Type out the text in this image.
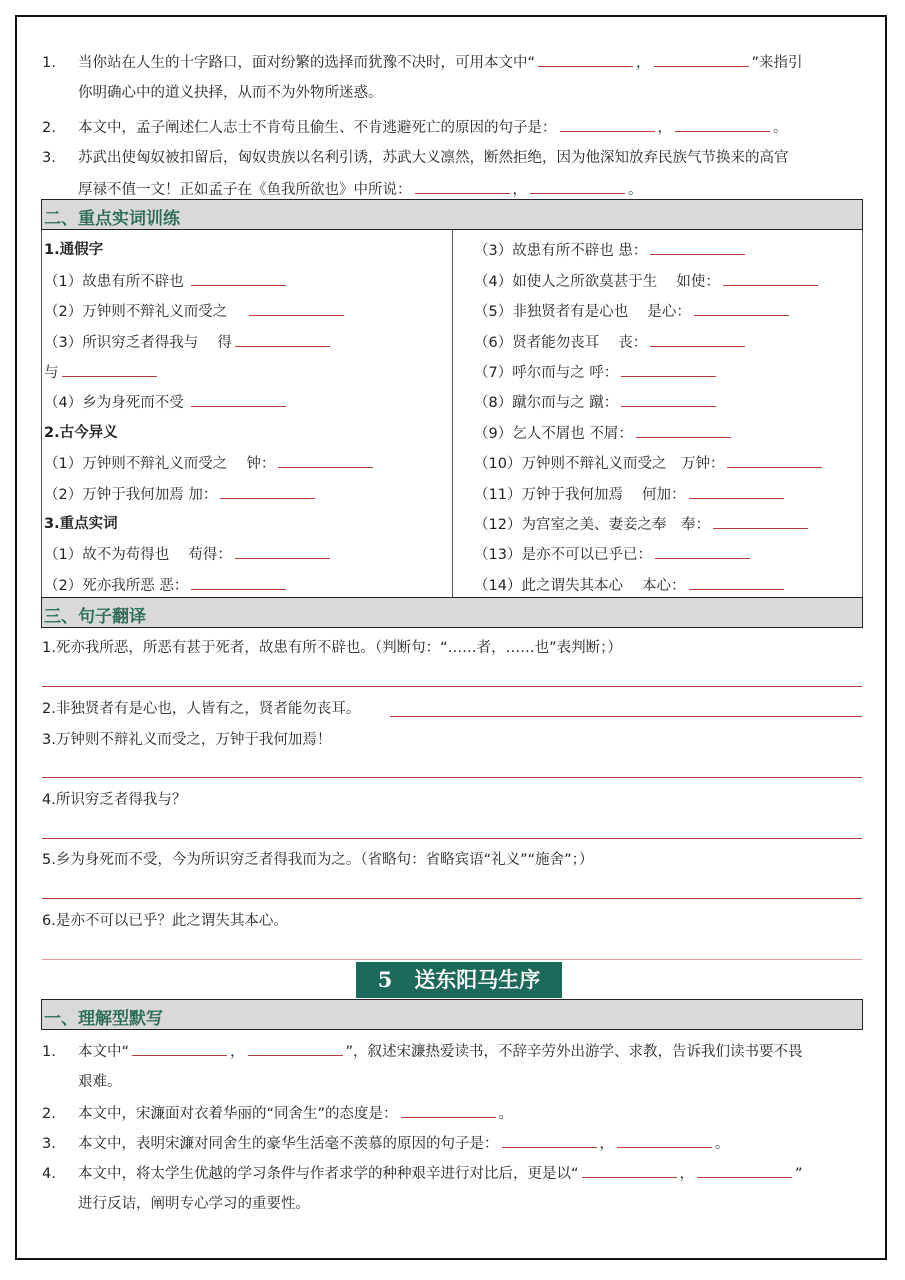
1. 当你站在人生的十字路口，面对纷繁的选择而犹豫不决时，可用本文中“	，	”来指引
你明确心中的道义抉择，从而不为外物所迷惑。
2. 本文中，孟子阐述仁人志士不肯苟且偷生、不肯逃避死亡的原因的句子是：	，	。
3. 苏武出使匈奴被扣留后，匈奴贵族以名利引诱，苏武大义凛然，断然拒绝，因为他深知放弃民族气节换来的高官
厚禄不值一文！正如孟子在《鱼我所欲也》中所说：	，	。
二、重点实词训练
1.通假字
（1）故患有所不辟也
（2）万钟则不辩礼义而受之　
（3）所识穷乏者得我与　 得
与
（4）乡为身死而不受
2.古今异义
（1）万钟则不辩礼义而受之　 钟：
（2）万钟于我何加焉 加：
3.重点实词
（1）故不为苟得也　 苟得：
（2）死亦我所恶 恶：
（3）故患有所不辟也 患：
（4）如使人之所欲莫甚于生　 如使：
（5）非独贤者有是心也　 是心：
（6）贤者能勿丧耳　 丧：
（7）呼尔而与之 呼：
（8）蹴尔而与之 蹴：
（9）乞人不屑也 不屑：
（10）万钟则不辩礼义而受之　万钟：
（11）万钟于我何加焉　 何加：
（12）为宫室之美、妻妾之奉　奉：
（13）是亦不可以已乎已：
（14）此之谓失其本心　 本心：
三、句子翻译
1.死亦我所恶，所恶有甚于死者，故患有所不辟也。（判断句：“……者，……也”表判断；）
2.非独贤者有是心也，人皆有之，贤者能勿丧耳。
3.万钟则不辩礼义而受之，万钟于我何加焉！
4.所识穷乏者得我与？
5.乡为身死而不受，今为所识穷乏者得我而为之。（省略句：省略宾语“礼义”“施舍”；）
6.是亦不可以已乎？此之谓失其本心。
5 送东阳马生序
一、理解型默写
1. 本文中“	，	”，叙述宋濂热爱读书，不辞辛劳外出游学、求教，告诉我们读书要不畏
艰难。
2. 本文中，宋濂面对衣着华丽的“同舍生”的态度是：	。
3. 本文中，表明宋濂对同舍生的豪华生活毫不羡慕的原因的句子是：	，	。
4. 本文中，将太学生优越的学习条件与作者求学的种种艰辛进行对比后，更是以“	，	”
进行反诘，阐明专心学习的重要性。
